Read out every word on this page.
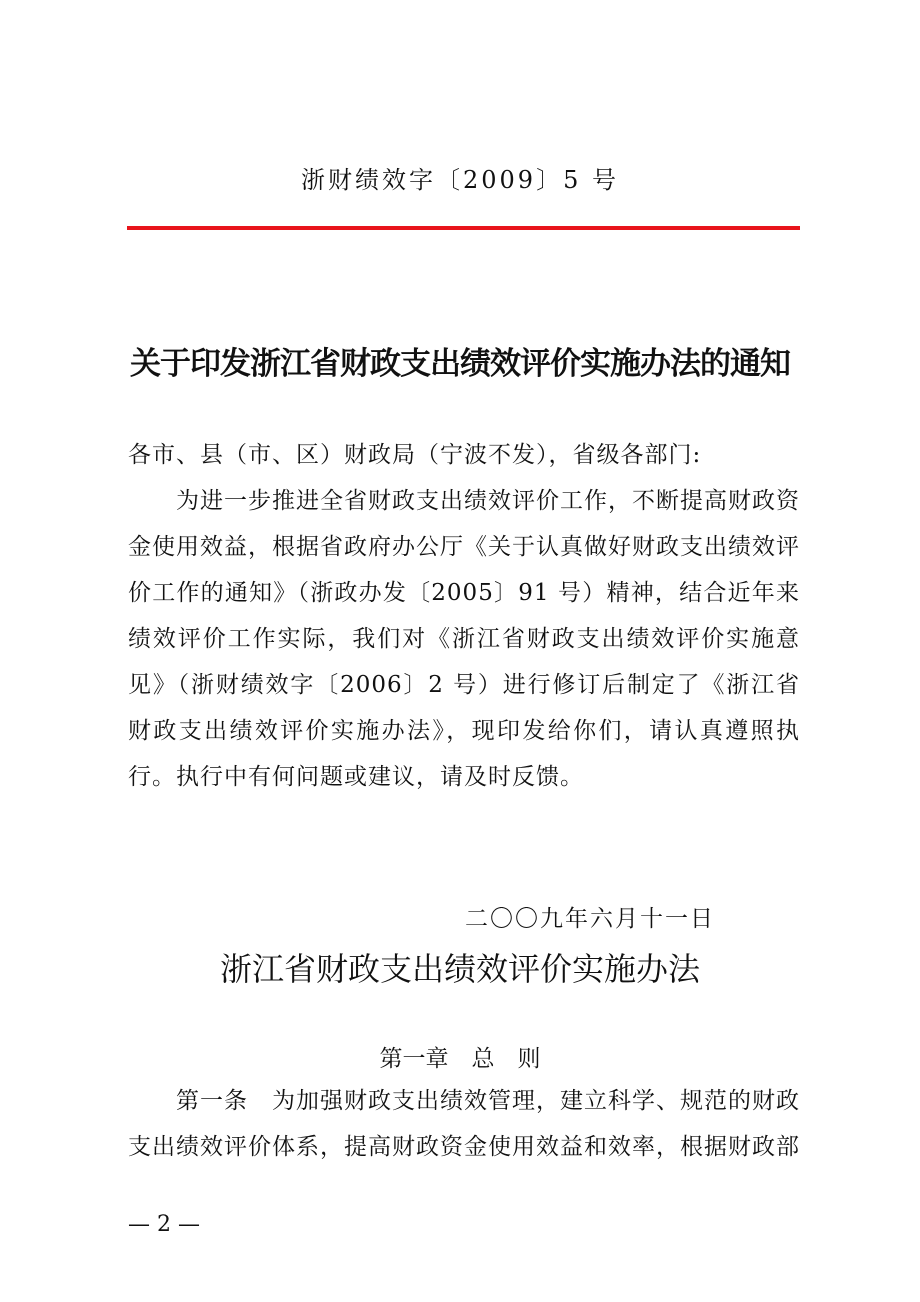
浙财绩效字〔2009〕5 号
关于印发浙江省财政支出绩效评价实施办法的通知
各市、县（市、区）财政局（宁波不发），省级各部门:
为进一步推进全省财政支出绩效评价工作，不断提高财政资金使用效益，根据省政府办公厅《关于认真做好财政支出绩效评价工作的通知》（浙政办发〔2005〕91 号）精神，结合近年来绩效评价工作实际，我们对《浙江省财政支出绩效评价实施意见》（浙财绩效字〔2006〕2 号）进行修订后制定了《浙江省财政支出绩效评价实施办法》，现印发给你们，请认真遵照执行。执行中有何问题或建议，请及时反馈。
二〇〇九年六月十一日
浙江省财政支出绩效评价实施办法
第一章　总　则
第一条　为加强财政支出绩效管理，建立科学、规范的财政支出绩效评价体系，提高财政资金使用效益和效率，根据财政部
— 2 —
